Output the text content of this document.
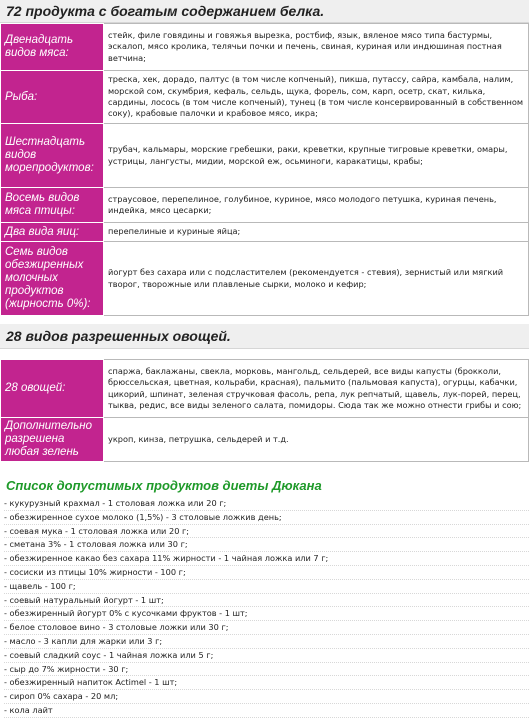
72 продукта с богатым содержанием белка.
Двенадцать видов мяса:	стейк, филе говядины и говяжья вырезка, ростбиф, язык, вяленое мясо типа бастурмы, эскалоп, мясо кролика, телячьи почки и печень, свиная, куриная или индюшиная постная ветчина;
Рыба:	треска, хек, дорадо, палтус (в том числе копченый), пикша, путассу, сайра, камбала, налим, морской сом, скумбрия, кефаль, сельдь, щука, форель, сом, карп, осетр, скат, килька, сардины, лосось (в том числе копченый), тунец (в том числе консервированный в собственном соку), крабовые палочки и крабовое мясо, икра;
Шестнадцать видов морепродуктов:	трубач, кальмары, морские гребешки, раки, креветки, крупные тигровые креветки, омары, устрицы, лангусты, мидии, морской еж, осьминоги, каракатицы, крабы;
Восемь видов мяса птицы:	страусовое, перепелиное, голубиное, куриное, мясо молодого петушка, куриная печень, индейка, мясо цесарки;
Два вида яиц:	перепелиные и куриные яйца;
Семь видов обезжиренных молочных продуктов (жирность 0%):	йогурт без сахара или с подсластителем (рекомендуется - стевия), зернистый или мягкий творог, творожные или плавленые сырки, молоко и кефир;
28 видов разрешенных овощей.
28 овощей:	спаржа, баклажаны, свекла, морковь, мангольд, сельдерей, все виды капусты (брокколи, брюссельская, цветная, кольраби, красная), пальмито (пальмовая капуста), огурцы, кабачки, цикорий, шпинат, зеленая стручковая фасоль, репа, лук репчатый, щавель, лук-порей, перец, тыква, редис, все виды зеленого салата, помидоры. Сюда так же можно отнести грибы и сою;
Дополнительно разрешена любая зелень	укроп, кинза, петрушка, сельдерей и т.д.
Список допустимых продуктов диеты Дюкана
- кукурузный крахмал - 1 столовая ложка или 20 г;
- обезжиренное сухое молоко (1,5%) - 3 столовые ложкив день;
- соевая мука - 1 столовая ложка или 20 г;
- сметана 3% - 1 столовая ложка или 30 г;
- обезжиренное какао без сахара 11% жирности - 1 чайная ложка или 7 г;
- сосиски из птицы 10% жирности - 100 г;
- щавель - 100 г;
- соевый натуральный йогурт - 1 шт;
- обезжиренный йогурт 0% с кусочками фруктов - 1 шт;
- белое столовое вино - 3 столовые ложки или 30 г;
- масло - 3 капли для жарки или 3 г;
- соевый сладкий соус - 1 чайная ложка или 5 г;
- сыр до 7% жирности - 30 г;
- обезжиренный напиток Actimel - 1 шт;
- сироп 0% сахара - 20 мл;
- кола лайт
